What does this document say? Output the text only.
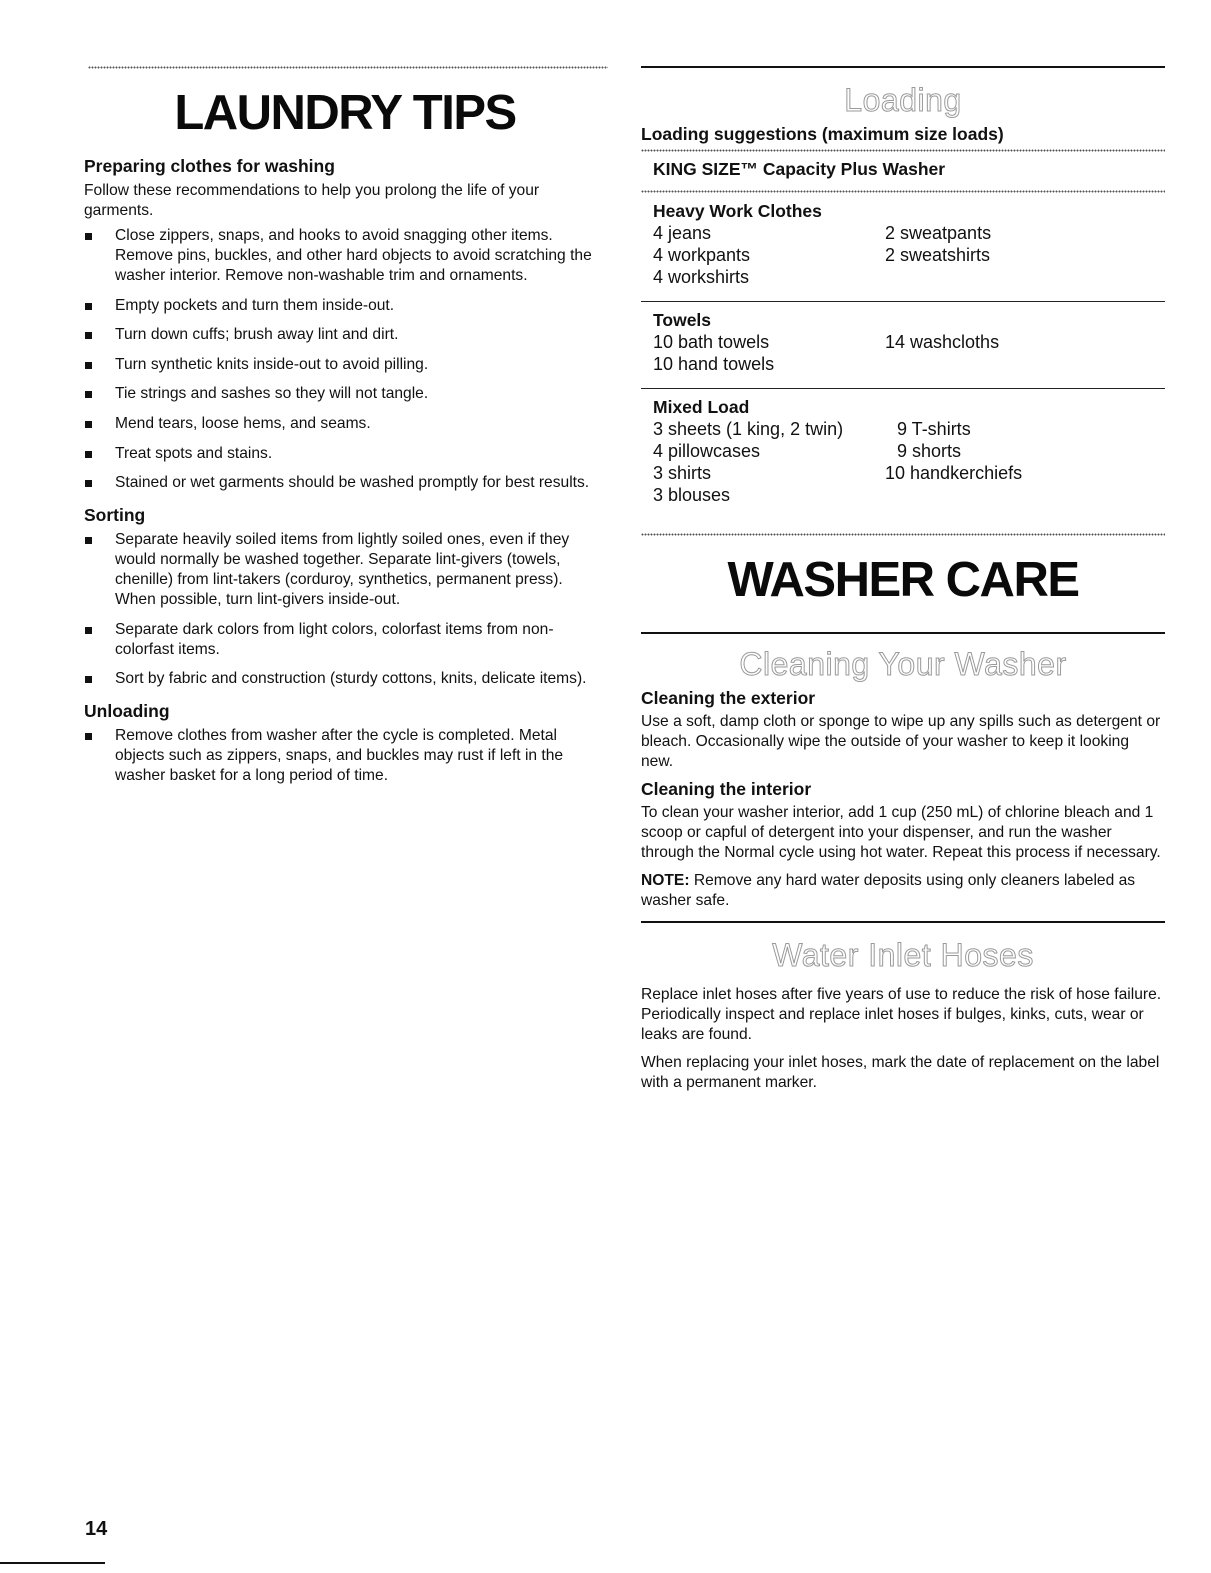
LAUNDRY TIPS
Preparing clothes for washing

Follow these recommendations to help you prolong the life of your garments.

Close zippers, snaps, and hooks to avoid snagging other items. Remove pins, buckles, and other hard objects to avoid scratching the washer interior. Remove non-washable trim and ornaments.
Empty pockets and turn them inside-out.
Turn down cuffs; brush away lint and dirt.
Turn synthetic knits inside-out to avoid pilling.
Tie strings and sashes so they will not tangle.
Mend tears, loose hems, and seams.
Treat spots and stains.
Stained or wet garments should be washed promptly for best results.
Sorting
Separate heavily soiled items from lightly soiled ones, even if they would normally be washed together. Separate lint-givers (towels, chenille) from lint-takers (corduroy, synthetics, permanent press). When possible, turn lint-givers inside-out.
Separate dark colors from light colors, colorfast items from non-colorfast items.
Sort by fabric and construction (sturdy cottons, knits, delicate items).
Unloading
Remove clothes from washer after the cycle is completed. Metal objects such as zippers, snaps, and buckles may rust if left in the washer basket for a long period of time.
Loading
Loading suggestions (maximum size loads)
KING SIZE™ Capacity Plus Washer
Heavy Work Clothes
4 jeans
4 workpants
4 workshirts
2 sweatpants
2 sweatshirts
Towels
10 bath towels
10 hand towels
14 washcloths
Mixed Load
3 sheets (1 king, 2 twin)
4 pillowcases
3 shirts
3 blouses
9 T-shirts
9 shorts
10 handkerchiefs
WASHER CARE
Cleaning Your Washer
Cleaning the exterior

Use a soft, damp cloth or sponge to wipe up any spills such as detergent or bleach. Occasionally wipe the outside of your washer to keep it looking new.

Cleaning the interior

To clean your washer interior, add 1 cup (250 mL) of chlorine bleach and 1 scoop or capful of detergent into your dispenser, and run the washer through the Normal cycle using hot water. Repeat this process if necessary.

NOTE: Remove any hard water deposits using only cleaners labeled as washer safe.

Water Inlet Hoses

Replace inlet hoses after five years of use to reduce the risk of hose failure. Periodically inspect and replace inlet hoses if bulges, kinks, cuts, wear or leaks are found.

When replacing your inlet hoses, mark the date of replacement on the label with a permanent marker.

14
